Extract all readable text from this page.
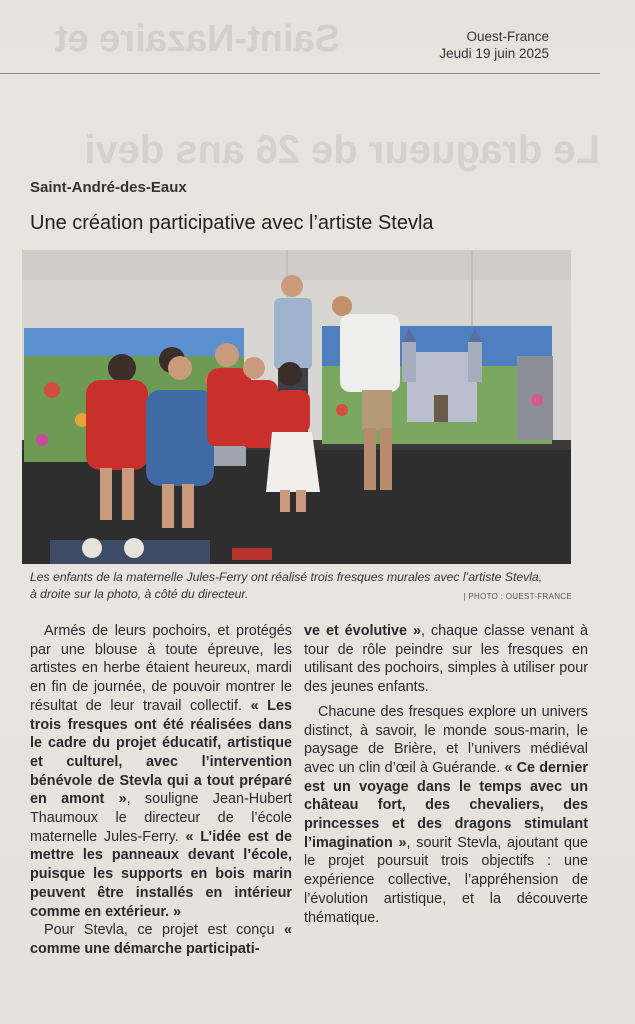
Saint-Nazaire et
Le dragueur de 26 ans devi
Ouest-France
Jeudi 19 juin 2025
Saint-André-des-Eaux
Une création participative avec l’artiste Stevla
Les enfants de la maternelle Jules-Ferry ont réalisé trois fresques murales avec l’artiste Stevla, à droite sur la photo, à côté du directeur.	| PHOTO : OUEST-FRANCE

Armés de leurs pochoirs, et protégés par une blouse à toute épreuve, les artistes en herbe étaient heureux, mardi en fin de journée, de pouvoir montrer le résultat de leur travail collectif. « Les trois fresques ont été réalisées dans le cadre du projet éducatif, artistique et culturel, avec l’intervention bénévole de Stevla qui a tout préparé en amont », souligne Jean-Hubert Thaumoux le directeur de l’école maternelle Jules-Ferry. « L’idée est de mettre les panneaux devant l’école, puisque les supports en bois marin peuvent être installés en intérieur comme en extérieur. »

Pour Stevla, ce projet est conçu « comme une démarche participati-

ve et évolutive », chaque classe venant à tour de rôle peindre sur les fresques en utilisant des pochoirs, simples à utiliser pour des jeunes enfants.

Chacune des fresques explore un univers distinct, à savoir, le monde sous-marin, le paysage de Brière, et l’univers médiéval avec un clin d’œil à Guérande. « Ce dernier est un voyage dans le temps avec un château fort, des chevaliers, des princesses et des dragons stimulant l’imagination », sourit Stevla, ajoutant que le projet poursuit trois objectifs : une expérience collective, l’appréhension de l’évolution artistique, et la découverte thématique.
